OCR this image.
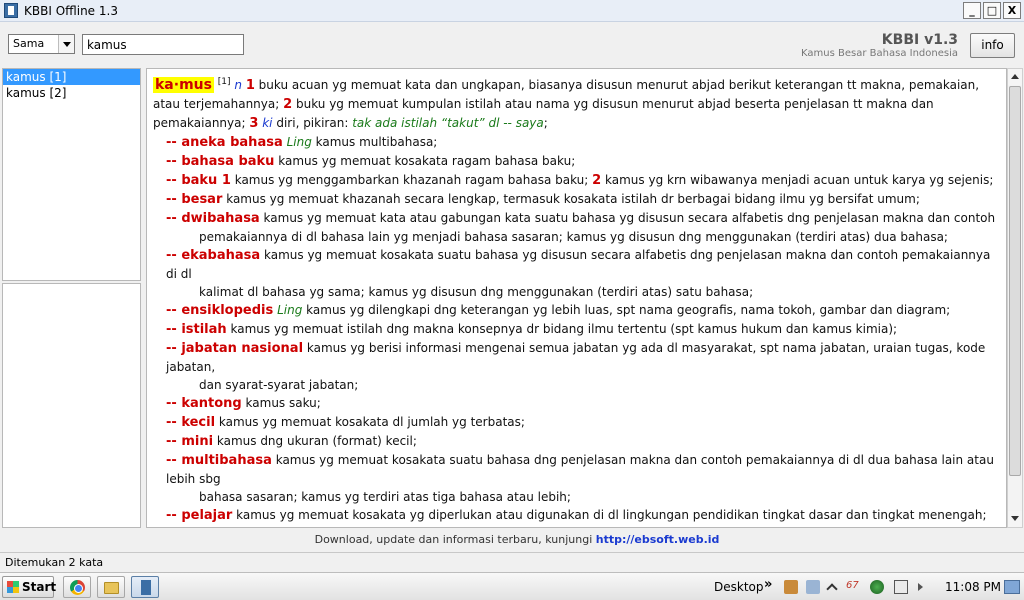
KBBI Offline 1.3	_	□ X
Sama
kamus	KBBI v1.3
Kamus Besar Bahasa Indonesia
info
kamus [1]
kamus [2]	ka·mus [1] n 1 buku acuan yg memuat kata dan ungkapan, biasanya disusun menurut abjad berikut keterangan tt makna, pemakaian, atau terjemahannya; 2 buku yg memuat kumpulan istilah atau nama yg disusun menurut abjad beserta penjelasan tt makna dan pemakaiannya; 3 ki diri, pikiran: tak ada istilah “takut” dl -- saya;
-- aneka bahasa Ling kamus multibahasa;
-- bahasa baku kamus yg memuat kosakata ragam bahasa baku;
-- baku 1 kamus yg menggambarkan khazanah ragam bahasa baku; 2 kamus yg krn wibawanya menjadi acuan untuk karya yg sejenis;
-- besar kamus yg memuat khazanah secara lengkap, termasuk kosakata istilah dr berbagai bidang ilmu yg bersifat umum;
-- dwibahasa kamus yg memuat kata atau gabungan kata suatu bahasa yg disusun secara alfabetis dng penjelasan makna dan contoh
pemakaiannya di dl bahasa lain yg menjadi bahasa sasaran; kamus yg disusun dng menggunakan (terdiri atas) dua bahasa;
-- ekabahasa kamus yg memuat kosakata suatu bahasa yg disusun secara alfabetis dng penjelasan makna dan contoh pemakaiannya di dl
kalimat dl bahasa yg sama; kamus yg disusun dng menggunakan (terdiri atas) satu bahasa;
-- ensiklopedis Ling kamus yg dilengkapi dng keterangan yg lebih luas, spt nama geografis, nama tokoh, gambar dan diagram;
-- istilah kamus yg memuat istilah dng makna konsepnya dr bidang ilmu tertentu (spt kamus hukum dan kamus kimia);
-- jabatan nasional kamus yg berisi informasi mengenai semua jabatan yg ada dl masyarakat, spt nama jabatan, uraian tugas, kode jabatan,
dan syarat-syarat jabatan;
-- kantong kamus saku;
-- kecil kamus yg memuat kosakata dl jumlah yg terbatas;
-- mini kamus dng ukuran (format) kecil;
-- multibahasa kamus yg memuat kosakata suatu bahasa dng penjelasan makna dan contoh pemakaiannya di dl dua bahasa lain atau lebih sbg
bahasa sasaran; kamus yg terdiri atas tiga bahasa atau lebih;
-- pelajar kamus yg memuat kosakata yg diperlukan atau digunakan di dl lingkungan pendidikan tingkat dasar dan tingkat menengah;
Download, update dan informasi terbaru, kunjungi http://ebsoft.web.id
Ditemukan 2 kata
Start	Desktop »	67	11:08 PM
